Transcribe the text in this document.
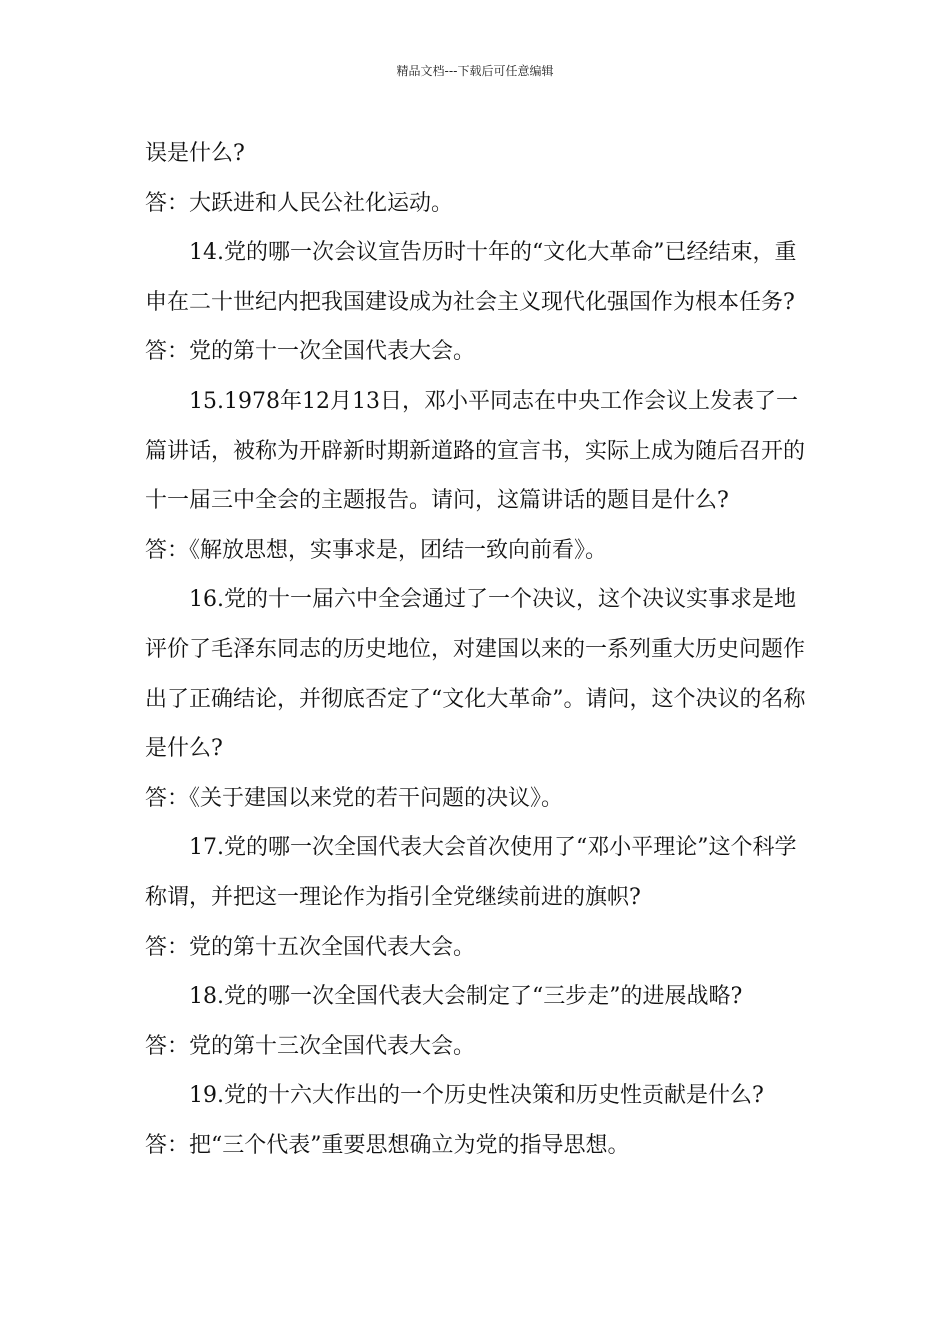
精品文档---下载后可任意编辑

误是什么?

答：大跃进和人民公社化运动。

14.党的哪一次会议宣告历时十年的“文化大革命”已经结束，重申在二十世纪内把我国建设成为社会主义现代化强国作为根本任务?

答：党的第十一次全国代表大会。

15.1978年12月13日，邓小平同志在中央工作会议上发表了一篇讲话，被称为开辟新时期新道路的宣言书，实际上成为随后召开的十一届三中全会的主题报告。请问，这篇讲话的题目是什么?

答：《解放思想，实事求是，团结一致向前看》。

16.党的十一届六中全会通过了一个决议，这个决议实事求是地评价了毛泽东同志的历史地位，对建国以来的一系列重大历史问题作出了正确结论，并彻底否定了“文化大革命”。请问，这个决议的名称是什么?

答：《关于建国以来党的若干问题的决议》。

17.党的哪一次全国代表大会首次使用了“邓小平理论”这个科学称谓，并把这一理论作为指引全党继续前进的旗帜?

答：党的第十五次全国代表大会。

18.党的哪一次全国代表大会制定了“三步走”的进展战略?

答：党的第十三次全国代表大会。

19.党的十六大作出的一个历史性决策和历史性贡献是什么?

答：把“三个代表”重要思想确立为党的指导思想。
